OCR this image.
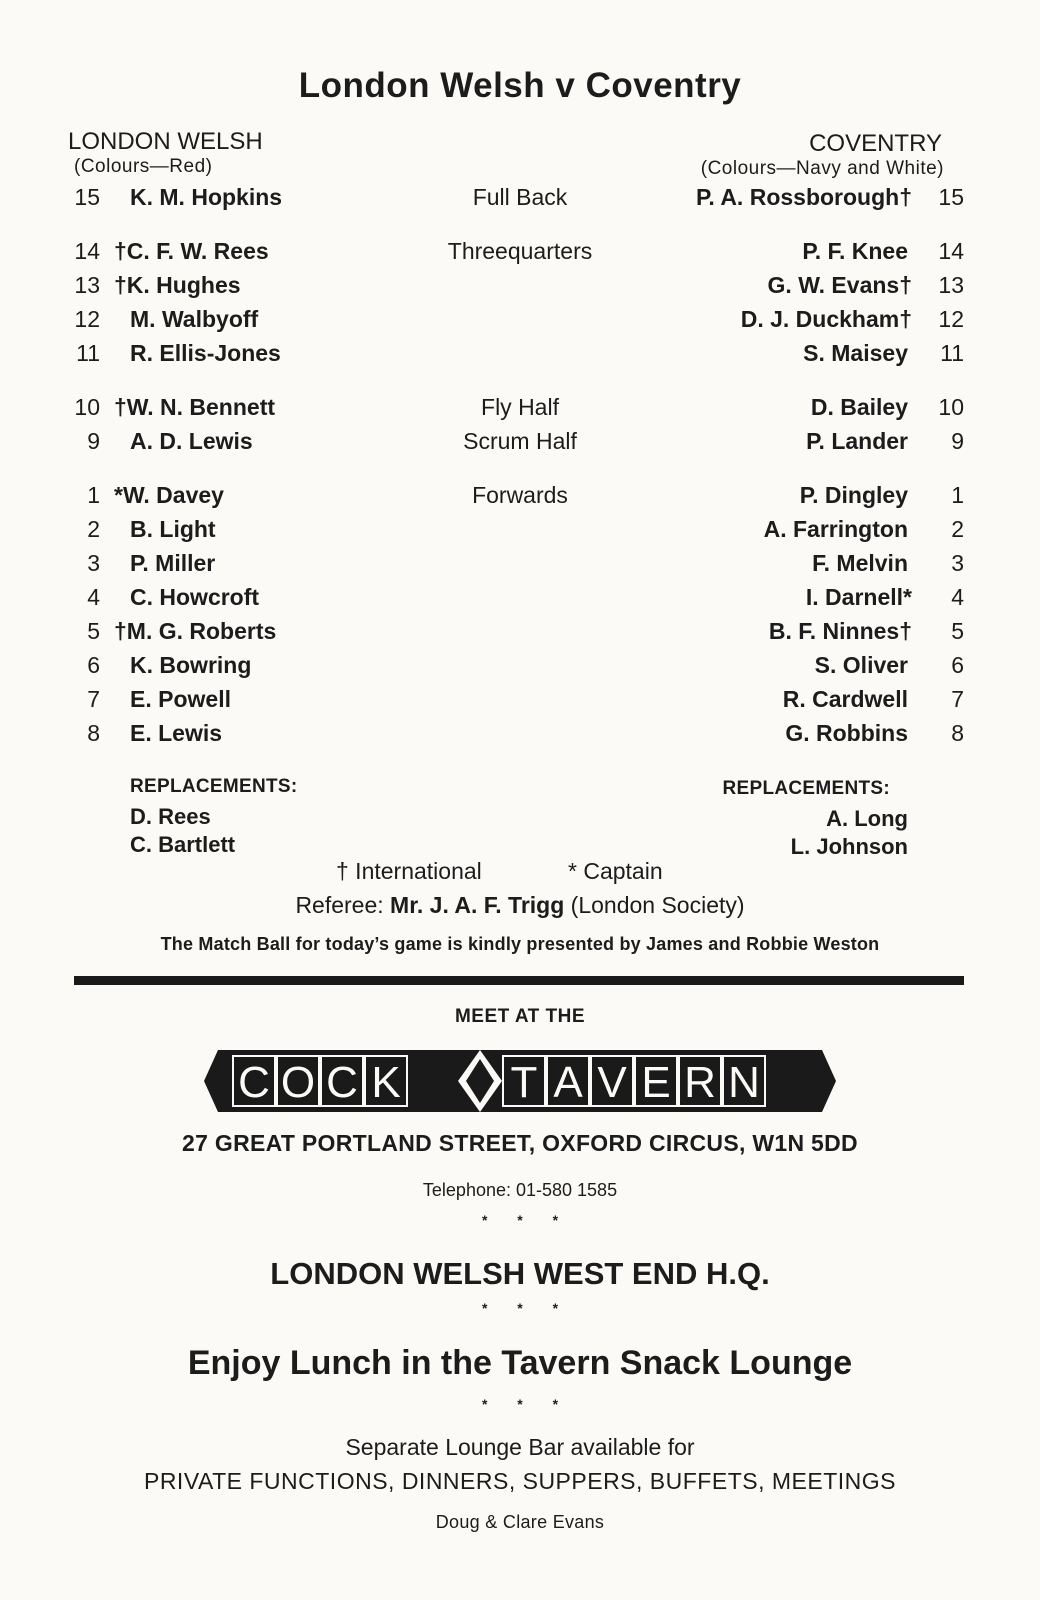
London Welsh v Coventry
LONDON WELSH
(Colours—Red)
COVENTRY
(Colours—Navy and White)
15 K. M. Hopkins	Full Back	P. A. Rossborough† 15
14 †C. F. W. Rees	Threequarters	P. F. Knee 14
13 †K. Hughes	G. W. Evans† 13
12 M. Walbyoff	D. J. Duckham† 12
11 R. Ellis-Jones	S. Maisey 11
10 †W. N. Bennett	Fly Half	D. Bailey 10
9 A. D. Lewis	Scrum Half	P. Lander 9
1 *W. Davey	Forwards	P. Dingley 1
2 B. Light	A. Farrington 2
3 P. Miller	F. Melvin 3
4 C. Howcroft	I. Darnell* 4
5 †M. G. Roberts	B. F. Ninnes† 5
6 K. Bowring	S. Oliver 6
7 E. Powell	R. Cardwell 7
8 E. Lewis	G. Robbins 8
REPLACEMENTS:
D. Rees
C. Bartlett
REPLACEMENTS:
A. Long
L. Johnson
† International	* Captain
Referee: Mr. J. A. F. Trigg (London Society)
The Match Ball for today’s game is kindly presented by James and Robbie Weston
MEET AT THE
C O C K T A V E R N
27 GREAT PORTLAND STREET, OXFORD CIRCUS, W1N 5DD
Telephone: 01-580 1585
* * *
LONDON WELSH WEST END H.Q.
* * *
Enjoy Lunch in the Tavern Snack Lounge
* * *
Separate Lounge Bar available for
PRIVATE FUNCTIONS, DINNERS, SUPPERS, BUFFETS, MEETINGS
Doug & Clare Evans
